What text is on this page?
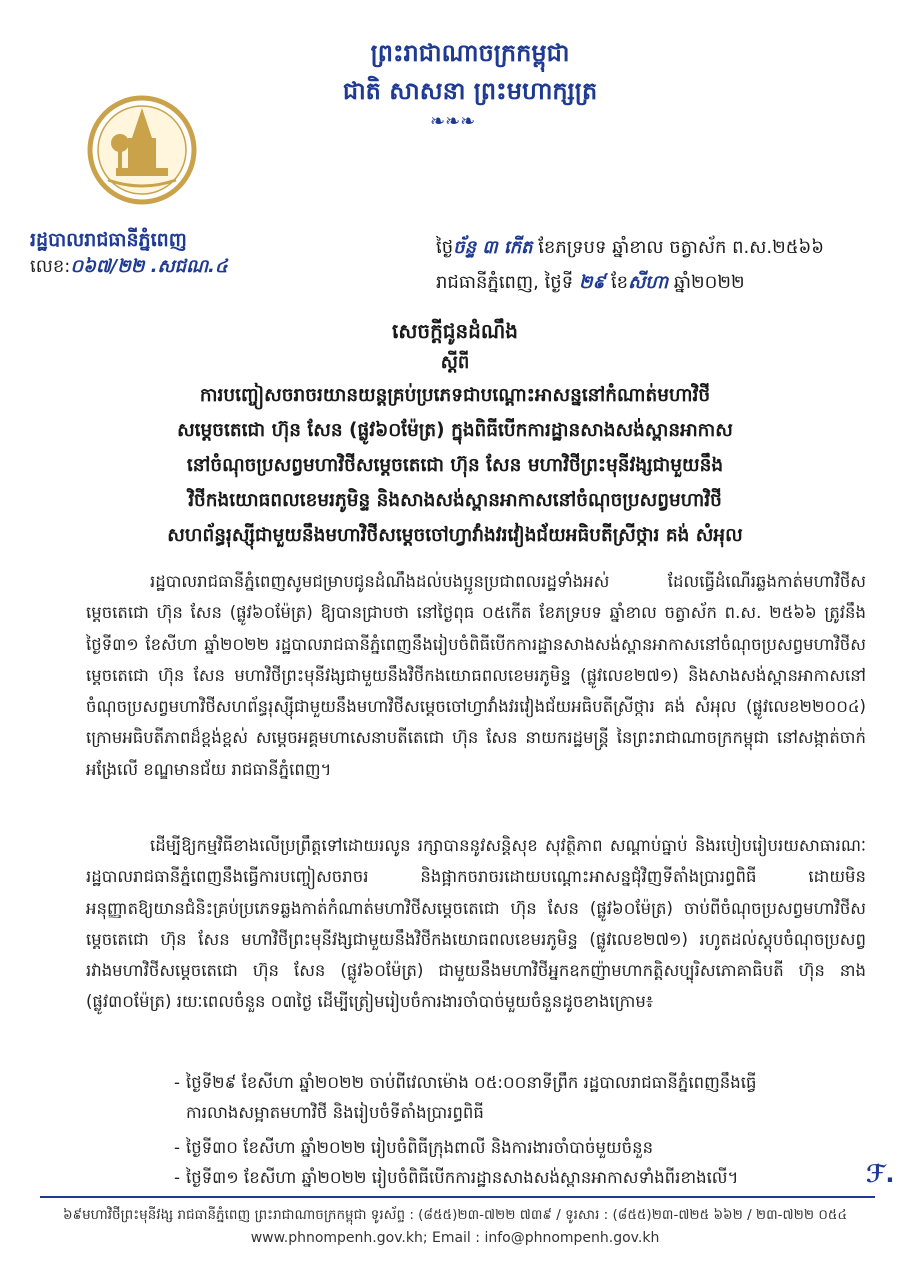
ព្រះរាជាណាចក្រកម្ពុជា
ជាតិ សាសនា ព្រះមហាក្សត្រ
❧❧❧
រដ្ឋបាលរាជធានីភ្នំពេញ
លេខ:០៦៧/២២ .សជណ.៤
ថ្ងៃច័ន្ទ ៣ កើត ខែភទ្របទ ឆ្នាំខាល ចត្វាស័ក ព.ស.២៥៦៦
រាជធានីភ្នំពេញ, ថ្ងៃទី ២៩ ខែសីហា ឆ្នាំ២០២២
សេចក្តីជូនដំណឹង
ស្តីពី
ការបញ្ចៀសចរាចរយានយន្តគ្រប់ប្រភេទជាបណ្ដោះអាសន្ននៅកំណាត់មហាវិថី
សម្តេចតេជោ ហ៊ុន សែន (ផ្លូវ៦០ម៉ែត្រ) ក្នុងពិធីបើកការដ្ឋានសាងសង់ស្ពានអាកាស
នៅចំណុចប្រសព្វមហាវិថីសម្តេចតេជោ ហ៊ុន សែន មហាវិថីព្រះមុនីវង្សជាមួយនឹង
វិថីកងយោធពលខេមរភូមិន្ទ និងសាងសង់ស្ពានអាកាសនៅចំណុចប្រសព្វមហាវិថី
សហព័ន្ធរុស្ស៊ីជាមួយនឹងមហាវិថីសម្តេចចៅហ្វាវាំងវរវៀងជ័យអធិបតីស្រីថ្ការ គង់ សំអុល
រដ្ឋបាលរាជធានីភ្នំពេញសូមជម្រាបជូនដំណឹងដល់បងប្អូនប្រជាពលរដ្ឋទាំងអស់ ដែលធ្វើដំណើរឆ្លងកាត់មហាវិថីសម្តេចតេជោ ហ៊ុន សែន (ផ្លូវ៦០ម៉ែត្រ) ឱ្យបានជ្រាបថា នៅថ្ងៃពុធ ០៥កើត ខែភទ្របទ ឆ្នាំខាល ចត្វាស័ក ព.ស. ២៥៦៦ ត្រូវនឹងថ្ងៃទី៣១ ខែសីហា ឆ្នាំ២០២២ រដ្ឋបាលរាជធានីភ្នំពេញនឹងរៀបចំពិធីបើកការដ្ឋានសាងសង់ស្ពានអាកាសនៅចំណុចប្រសព្វមហាវិថីសម្តេចតេជោ ហ៊ុន សែន មហាវិថីព្រះមុនីវង្សជាមួយនឹងវិថីកងយោធពលខេមរភូមិន្ទ (ផ្លូវលេខ២៧១) និងសាងសង់ស្ពានអាកាសនៅចំណុចប្រសព្វមហាវិថីសហព័ន្ធរុស្ស៊ីជាមួយនឹងមហាវិថីសម្តេចចៅហ្វាវាំងវរវៀងជ័យអធិបតីស្រីថ្ការ គង់ សំអុល (ផ្លូវលេខ២២០០៤) ក្រោមអធិបតីភាពដ៏ខ្ពង់ខ្ពស់ សម្តេចអគ្គមហាសេនាបតីតេជោ ហ៊ុន សែន នាយករដ្ឋមន្ត្រី នៃព្រះរាជាណាចក្រកម្ពុជា នៅសង្កាត់ចាក់អង្រែលើ ខណ្ឌមានជ័យ រាជធានីភ្នំពេញ។
ដើម្បីឱ្យកម្មវិធីខាងលើប្រព្រឹត្តទៅដោយរលូន រក្សាបាននូវសន្តិសុខ សុវត្ថិភាព សណ្តាប់ធ្នាប់ និងរបៀបរៀបរយសាធារណៈ រដ្ឋបាលរាជធានីភ្នំពេញនឹងធ្វើការបញ្ចៀសចរាចរ និងផ្អាកចរាចរដោយបណ្ដោះអាសន្នជុំវិញទីតាំងប្រារព្ធពិធី ដោយមិនអនុញ្ញាតឱ្យយានជំនិះគ្រប់ប្រភេទឆ្លងកាត់កំណាត់មហាវិថីសម្តេចតេជោ ហ៊ុន សែន (ផ្លូវ៦០ម៉ែត្រ) ចាប់ពីចំណុចប្រសព្វមហាវិថីសម្តេចតេជោ ហ៊ុន សែន មហាវិថីព្រះមុនីវង្សជាមួយនឹងវិថីកងយោធពលខេមរភូមិន្ទ (ផ្លូវលេខ២៧១) រហូតដល់ស្តុបចំណុចប្រសព្វរវាងមហាវិថីសម្តេចតេជោ ហ៊ុន សែន (ផ្លូវ៦០ម៉ែត្រ) ជាមួយនឹងមហាវិថីអ្នកឧកញ៉ាមហាកត្តិសប្បុរិសភោគាធិបតី ហ៊ុន នាង (ផ្លូវ៣០ម៉ែត្រ) រយៈពេលចំនួន ០៣ថ្ងៃ ដើម្បីត្រៀមរៀបចំការងារចាំបាច់មួយចំនួនដូចខាងក្រោម៖
- ថ្ងៃទី២៩ ខែសីហា ឆ្នាំ២០២២ ចាប់ពីវេលាម៉ោង ០៥:០០នាទីព្រឹក រដ្ឋបាលរាជធានីភ្នំពេញនឹងធ្វើការលាងសម្អាតមហាវិថី និងរៀបចំទីតាំងប្រារព្ធពិធី
- ថ្ងៃទី៣០ ខែសីហា ឆ្នាំ២០២២ រៀបចំពិធីក្រុងពាលី និងការងារចាំបាច់មួយចំនួន
- ថ្ងៃទី៣១ ខែសីហា ឆ្នាំ២០២២ រៀបចំពិធីបើកការដ្ឋានសាងសង់ស្ពានអាកាសទាំងពីរខាងលើ។	ℱ.
៦៩មហាវិថីព្រះមុនីវង្ស រាជធានីភ្នំពេញ ព្រះរាជាណាចក្រកម្ពុជា ទូរស័ព្ទ : (៨៥៥)២៣-៧២២ ៧៣៩ / ទូរសារ : (៨៥៥)២៣-៧២៥ ៦៦២ / ២៣-៧២២ ០៥៤
www.phnompenh.gov.kh; Email : info@phnompenh.gov.kh
